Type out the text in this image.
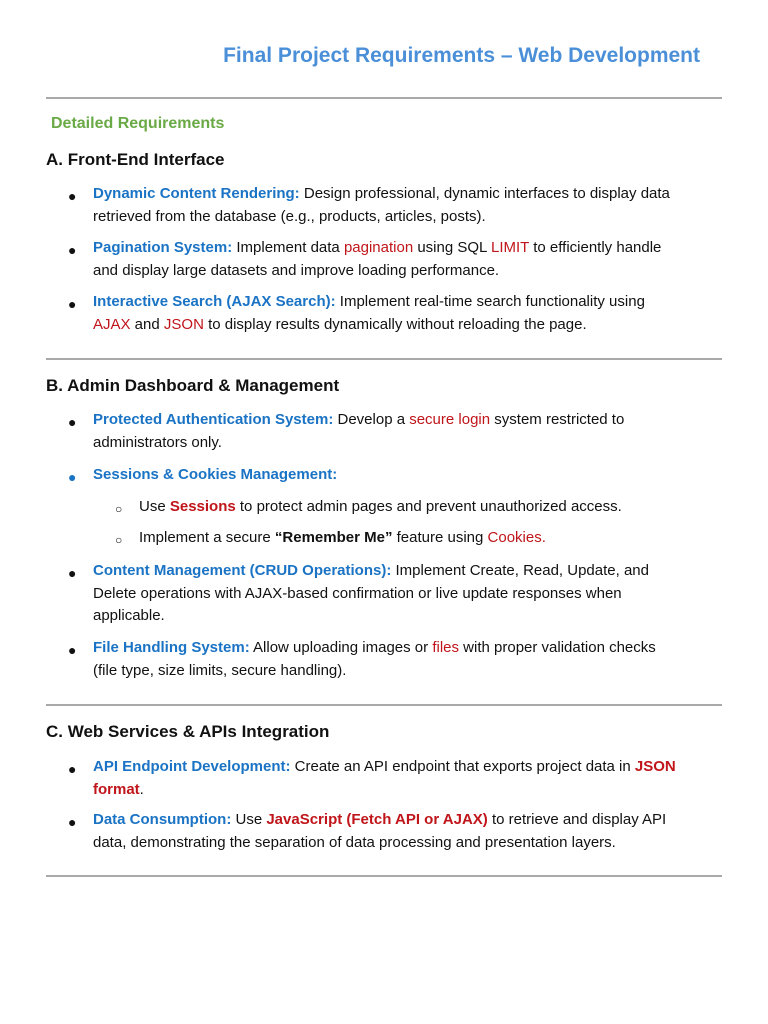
Final Project Requirements – Web Development
Detailed Requirements
A. Front-End Interface
● Dynamic Content Rendering: Design professional, dynamic interfaces to display data
retrieved from the database (e.g., products, articles, posts).
● Pagination System: Implement data pagination using SQL LIMIT to efficiently handle
and display large datasets and improve loading performance.
● Interactive Search (AJAX Search): Implement real-time search functionality using
AJAX and JSON to display results dynamically without reloading the page.
B. Admin Dashboard & Management
● Protected Authentication System: Develop a secure login system restricted to
administrators only.
● Sessions & Cookies Management:
○ Use Sessions to protect admin pages and prevent unauthorized access.
○ Implement a secure “Remember Me” feature using Cookies.
● Content Management (CRUD Operations): Implement Create, Read, Update, and
Delete operations with AJAX-based confirmation or live update responses when
applicable.
● File Handling System: Allow uploading images or files with proper validation checks
(file type, size limits, secure handling).
C. Web Services & APIs Integration
● API Endpoint Development: Create an API endpoint that exports project data in JSON
format.
● Data Consumption: Use JavaScript (Fetch API or AJAX) to retrieve and display API
data, demonstrating the separation of data processing and presentation layers.
